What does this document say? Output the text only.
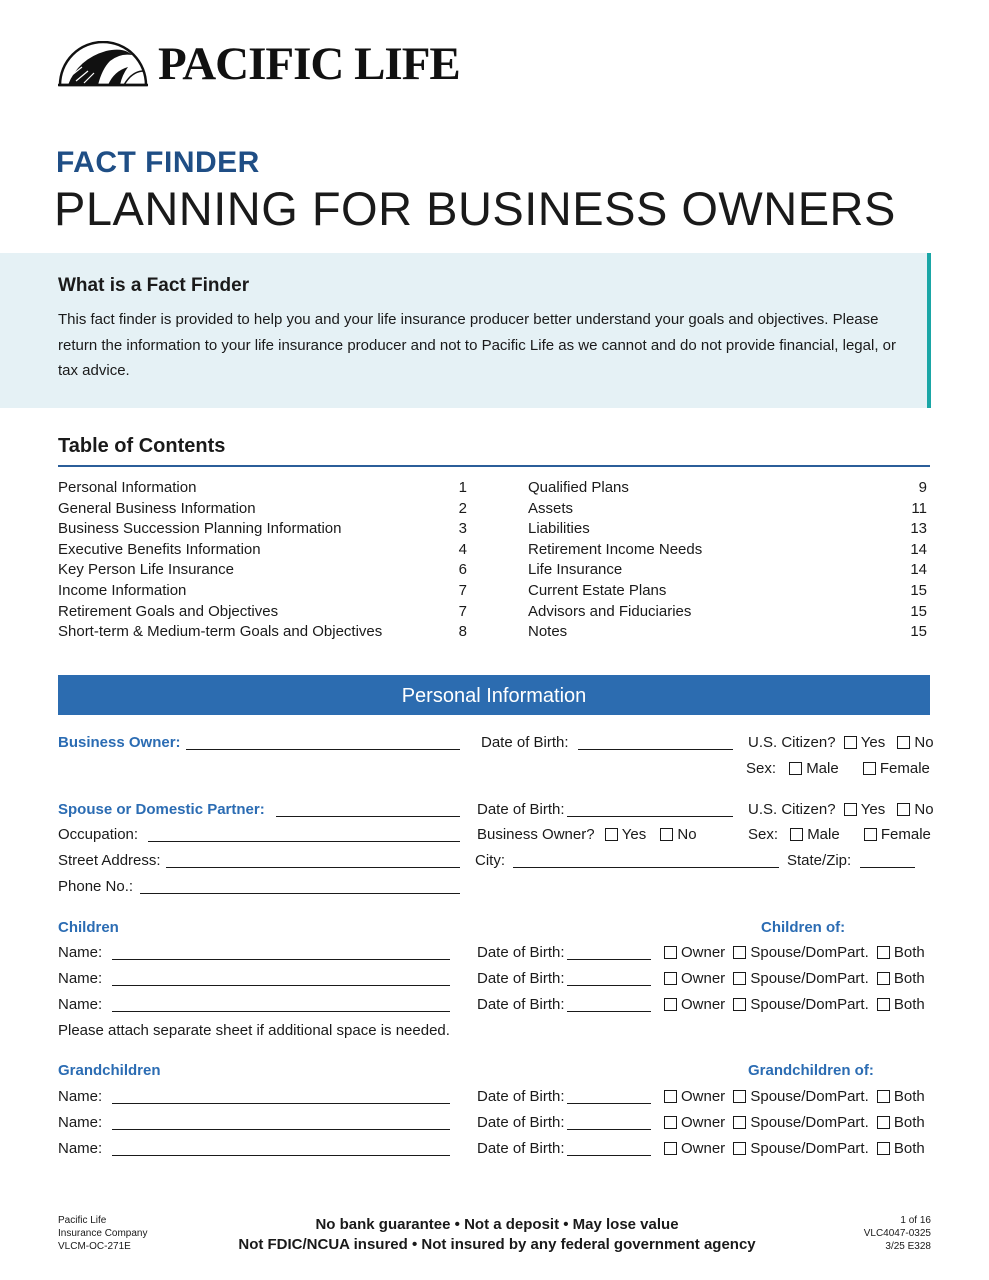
PACIFIC LIFE
FACT FINDER
PLANNING FOR BUSINESS OWNERS
What is a Fact Finder

This fact finder is provided to help you and your life insurance producer better understand your goals and objectives. Please return the information to your life insurance producer and not to Pacific Life as we cannot and do not provide financial, legal, or tax advice.

Table of Contents
Personal Information	1
General Business Information	2
Business Succession Planning Information	3
Executive Benefits Information	4
Key Person Life Insurance	6
Income Information	7
Retirement Goals and Objectives	7
Short-term & Medium-term Goals and Objectives	8
Qualified Plans	9
Assets	11
Liabilities	13
Retirement Income Needs	14
Life Insurance	14
Current Estate Plans	15
Advisors and Fiduciaries	15
Notes	15
Personal Information
Business Owner:	Date of Birth:	U.S. Citizen? Yes No
Sex: Male	Female
Spouse or Domestic Partner:	Date of Birth:	U.S. Citizen? Yes No
Occupation:	Business Owner? Yes No	Sex: Male	Female
Street Address:	City:	State/Zip:
Phone No.:
Children	Children of:
Name:	Date of Birth:	Owner Spouse/DomPart. Both
Name:	Date of Birth:	Owner Spouse/DomPart. Both
Name:	Date of Birth:	Owner Spouse/DomPart. Both
Please attach separate sheet if additional space is needed.
Grandchildren	Grandchildren of:
Name:	Date of Birth:	Owner Spouse/DomPart. Both
Name:	Date of Birth:	Owner Spouse/DomPart. Both
Name:	Date of Birth:	Owner Spouse/DomPart. Both
Pacific Life
Insurance Company
VLCM-OC-271E
No bank guarantee • Not a deposit • May lose value
Not FDIC/NCUA insured • Not insured by any federal government agency
1 of 16
VLC4047-0325
3/25 E328
